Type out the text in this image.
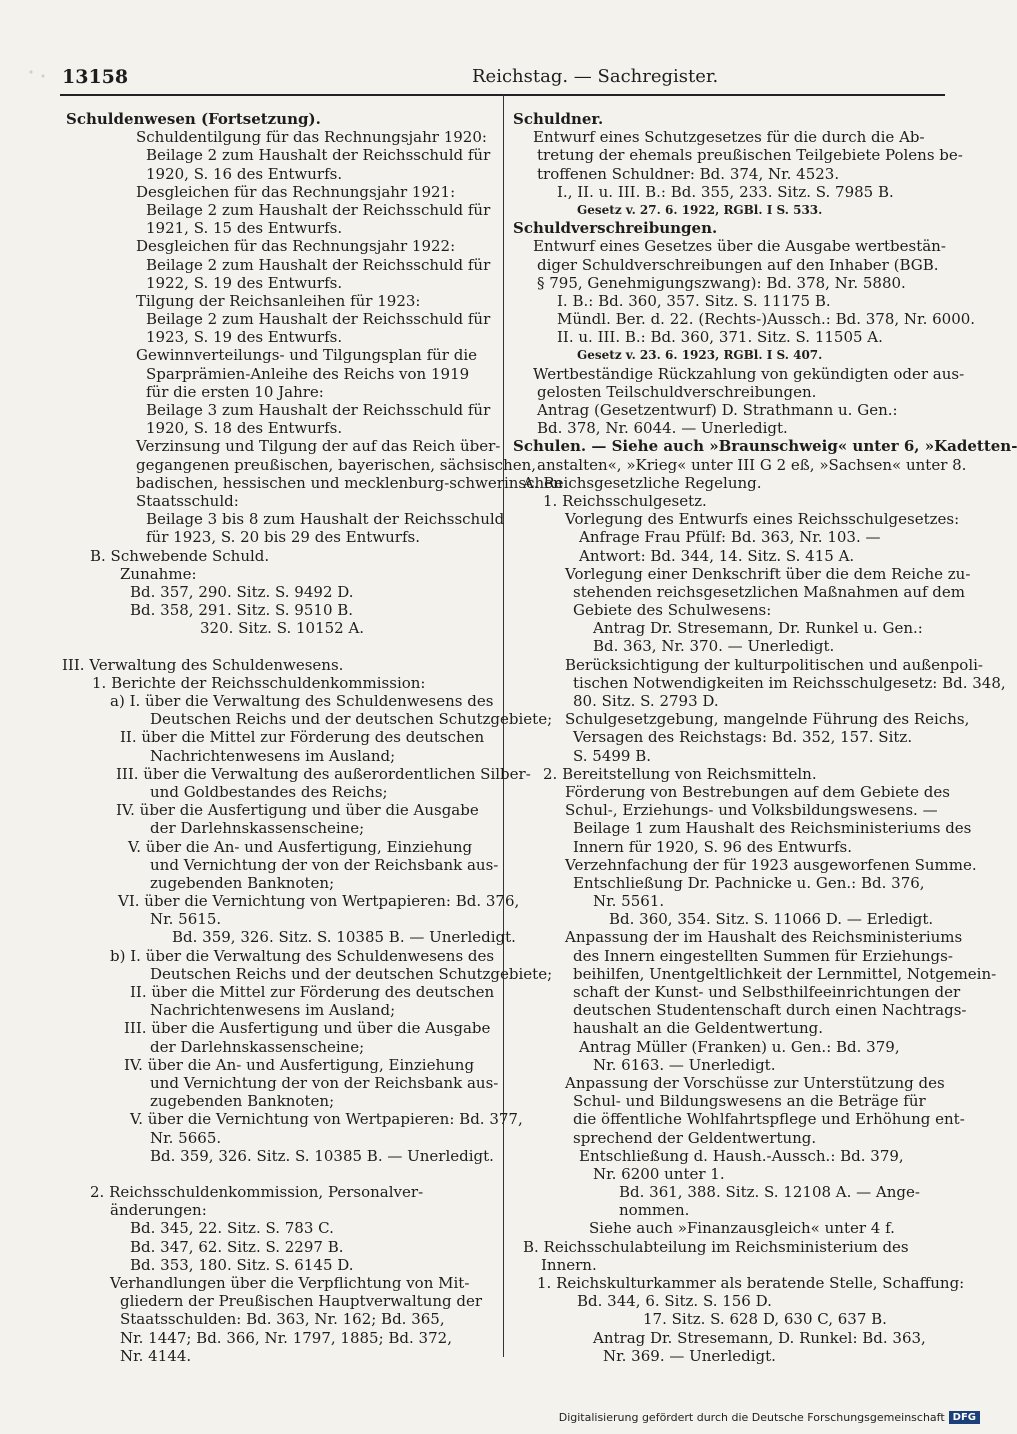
13158	Reichstag. — Sachregister.
Schuldenwesen (Fortsetzung).
Schuldentilgung für das Rechnungsjahr 1920:
Beilage 2 zum Haushalt der Reichsschuld für
1920, S. 16 des Entwurfs.
Desgleichen für das Rechnungsjahr 1921:
Beilage 2 zum Haushalt der Reichsschuld für
1921, S. 15 des Entwurfs.
Desgleichen für das Rechnungsjahr 1922:
Beilage 2 zum Haushalt der Reichsschuld für
1922, S. 19 des Entwurfs.
Tilgung der Reichsanleihen für 1923:
Beilage 2 zum Haushalt der Reichsschuld für
1923, S. 19 des Entwurfs.
Gewinnverteilungs- und Tilgungsplan für die
Sparprämien-Anleihe des Reichs von 1919
für die ersten 10 Jahre:
Beilage 3 zum Haushalt der Reichsschuld für
1920, S. 18 des Entwurfs.
Verzinsung und Tilgung der auf das Reich über-
gegangenen preußischen, bayerischen, sächsischen,
badischen, hessischen und mecklenburg-schwerinschen
Staatsschuld:
Beilage 3 bis 8 zum Haushalt der Reichsschuld
für 1923, S. 20 bis 29 des Entwurfs.
B. Schwebende Schuld.
Zunahme:
Bd. 357, 290. Sitz. S. 9492 D.
Bd. 358, 291. Sitz. S. 9510 B.
320. Sitz. S. 10152 A.
III. Verwaltung des Schuldenwesens.
1. Berichte der Reichsschuldenkommission:
a) I. über die Verwaltung des Schuldenwesens des
Deutschen Reichs und der deutschen Schutzgebiete;
II. über die Mittel zur Förderung des deutschen
Nachrichtenwesens im Ausland;
III. über die Verwaltung des außerordentlichen Silber-
und Goldbestandes des Reichs;
IV. über die Ausfertigung und über die Ausgabe
der Darlehnskassenscheine;
V. über die An- und Ausfertigung, Einziehung
und Vernichtung der von der Reichsbank aus-
zugebenden Banknoten;
VI. über die Vernichtung von Wertpapieren: Bd. 376,
Nr. 5615.
Bd. 359, 326. Sitz. S. 10385 B. — Unerledigt.
b) I. über die Verwaltung des Schuldenwesens des
Deutschen Reichs und der deutschen Schutzgebiete;
II. über die Mittel zur Förderung des deutschen
Nachrichtenwesens im Ausland;
III. über die Ausfertigung und über die Ausgabe
der Darlehnskassenscheine;
IV. über die An- und Ausfertigung, Einziehung
und Vernichtung der von der Reichsbank aus-
zugebenden Banknoten;
V. über die Vernichtung von Wertpapieren: Bd. 377,
Nr. 5665.
Bd. 359, 326. Sitz. S. 10385 B. — Unerledigt.
2. Reichsschuldenkommission, Personalver-
änderungen:
Bd. 345, 22. Sitz. S. 783 C.
Bd. 347, 62. Sitz. S. 2297 B.
Bd. 353, 180. Sitz. S. 6145 D.
Verhandlungen über die Verpflichtung von Mit-
gliedern der Preußischen Hauptverwaltung der
Staatsschulden: Bd. 363, Nr. 162; Bd. 365,
Nr. 1447; Bd. 366, Nr. 1797, 1885; Bd. 372,
Nr. 4144.
Schuldner.
Entwurf eines Schutzgesetzes für die durch die Ab-
tretung der ehemals preußischen Teilgebiete Polens be-
troffenen Schuldner: Bd. 374, Nr. 4523.
I., II. u. III. B.: Bd. 355, 233. Sitz. S. 7985 B.
Gesetz v. 27. 6. 1922, RGBl. I S. 533.
Schuldverschreibungen.
Entwurf eines Gesetzes über die Ausgabe wertbestän-
diger Schuldverschreibungen auf den Inhaber (BGB.
§ 795, Genehmigungszwang): Bd. 378, Nr. 5880.
I. B.: Bd. 360, 357. Sitz. S. 11175 B.
Mündl. Ber. d. 22. (Rechts-)Aussch.: Bd. 378, Nr. 6000.
II. u. III. B.: Bd. 360, 371. Sitz. S. 11505 A.
Gesetz v. 23. 6. 1923, RGBl. I S. 407.
Wertbeständige Rückzahlung von gekündigten oder aus-
gelosten Teilschuldverschreibungen.
Antrag (Gesetzentwurf) D. Strathmann u. Gen.:
Bd. 378, Nr. 6044. — Unerledigt.
Schulen. — Siehe auch »Braunschweig« unter 6, »Kadetten-
anstalten«, »Krieg« unter III G 2 eß, »Sachsen« unter 8.
A. Reichsgesetzliche Regelung.
1. Reichsschulgesetz.
Vorlegung des Entwurfs eines Reichsschulgesetzes:
Anfrage Frau Pfülf: Bd. 363, Nr. 103. —
Antwort: Bd. 344, 14. Sitz. S. 415 A.
Vorlegung einer Denkschrift über die dem Reiche zu-
stehenden reichsgesetzlichen Maßnahmen auf dem
Gebiete des Schulwesens:
Antrag Dr. Stresemann, Dr. Runkel u. Gen.:
Bd. 363, Nr. 370. — Unerledigt.
Berücksichtigung der kulturpolitischen und außenpoli-
tischen Notwendigkeiten im Reichsschulgesetz: Bd. 348,
80. Sitz. S. 2793 D.
Schulgesetzgebung, mangelnde Führung des Reichs,
Versagen des Reichstags: Bd. 352, 157. Sitz.
S. 5499 B.
2. Bereitstellung von Reichsmitteln.
Förderung von Bestrebungen auf dem Gebiete des
Schul-, Erziehungs- und Volksbildungswesens. —
Beilage 1 zum Haushalt des Reichsministeriums des
Innern für 1920, S. 96 des Entwurfs.
Verzehnfachung der für 1923 ausgeworfenen Summe.
Entschließung Dr. Pachnicke u. Gen.: Bd. 376,
Nr. 5561.
Bd. 360, 354. Sitz. S. 11066 D. — Erledigt.
Anpassung der im Haushalt des Reichsministeriums
des Innern eingestellten Summen für Erziehungs-
beihilfen, Unentgeltlichkeit der Lernmittel, Notgemein-
schaft der Kunst- und Selbsthilfeeinrichtungen der
deutschen Studentenschaft durch einen Nachtrags-
haushalt an die Geldentwertung.
Antrag Müller (Franken) u. Gen.: Bd. 379,
Nr. 6163. — Unerledigt.
Anpassung der Vorschüsse zur Unterstützung des
Schul- und Bildungswesens an die Beträge für
die öffentliche Wohlfahrtspflege und Erhöhung ent-
sprechend der Geldentwertung.
Entschließung d. Haush.-Aussch.: Bd. 379,
Nr. 6200 unter 1.
Bd. 361, 388. Sitz. S. 12108 A. — Ange-
nommen.
Siehe auch »Finanzausgleich« unter 4 f.
B. Reichsschulabteilung im Reichsministerium des
Innern.
1. Reichskulturkammer als beratende Stelle, Schaffung:
Bd. 344, 6. Sitz. S. 156 D.
17. Sitz. S. 628 D, 630 C, 637 B.
Antrag Dr. Stresemann, D. Runkel: Bd. 363,
Nr. 369. — Unerledigt.
Digitalisierung gefördert durch die Deutsche Forschungsgemeinschaft DFG
